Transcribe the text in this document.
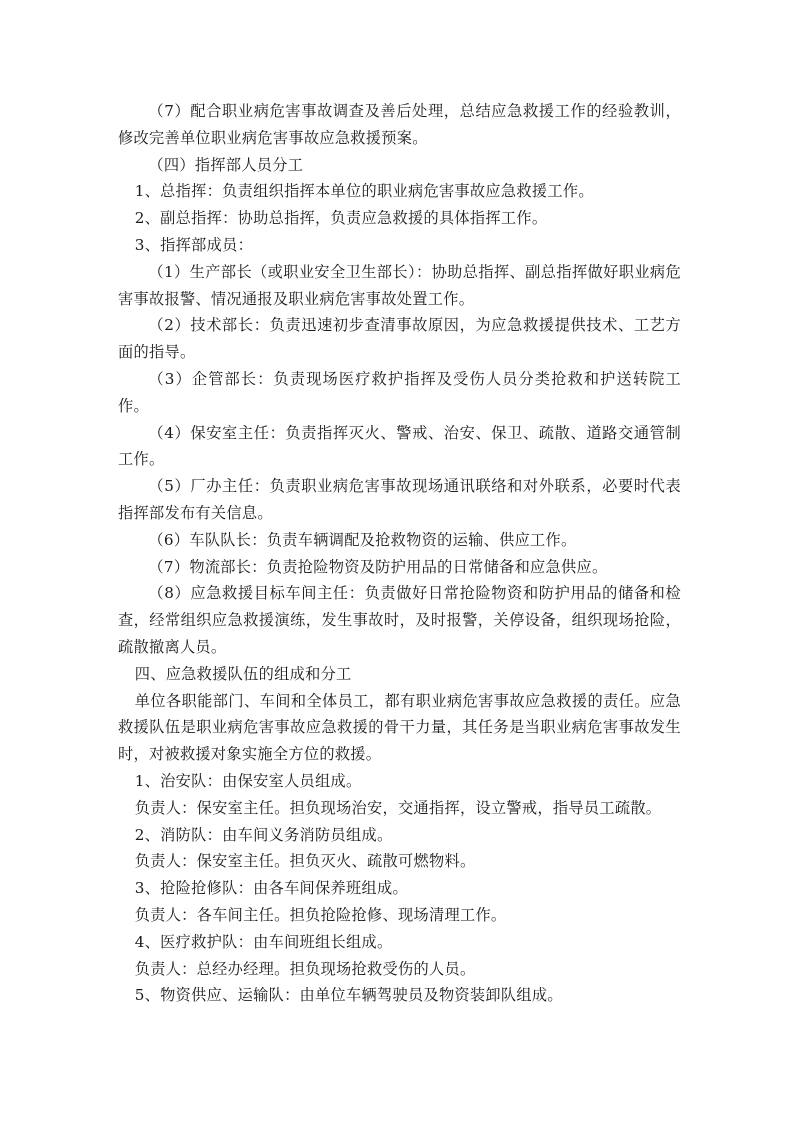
（7）配合职业病危害事故调查及善后处理，总结应急救援工作的经验教训，修改完善单位职业病危害事故应急救援预案。

（四）指挥部人员分工

1、总指挥：负责组织指挥本单位的职业病危害事故应急救援工作。

2、副总指挥：协助总指挥，负责应急救援的具体指挥工作。

3、指挥部成员：

（1）生产部长（或职业安全卫生部长）：协助总指挥、副总指挥做好职业病危害事故报警、情况通报及职业病危害事故处置工作。

（2）技术部长：负责迅速初步查清事故原因，为应急救援提供技术、工艺方面的指导。

（3）企管部长：负责现场医疗救护指挥及受伤人员分类抢救和护送转院工作。

（4）保安室主任：负责指挥灭火、警戒、治安、保卫、疏散、道路交通管制工作。

（5）厂办主任：负责职业病危害事故现场通讯联络和对外联系，必要时代表指挥部发布有关信息。

（6）车队队长：负责车辆调配及抢救物资的运输、供应工作。

（7）物流部长：负责抢险物资及防护用品的日常储备和应急供应。

（8）应急救援目标车间主任：负责做好日常抢险物资和防护用品的储备和检查，经常组织应急救援演练，发生事故时，及时报警，关停设备，组织现场抢险，疏散撤离人员。

四、应急救援队伍的组成和分工

单位各职能部门、车间和全体员工，都有职业病危害事故应急救援的责任。应急救援队伍是职业病危害事故应急救援的骨干力量，其任务是当职业病危害事故发生时，对被救援对象实施全方位的救援。

1、治安队：由保安室人员组成。

负责人：保安室主任。担负现场治安，交通指挥，设立警戒，指导员工疏散。

2、消防队：由车间义务消防员组成。

负责人：保安室主任。担负灭火、疏散可燃物料。

3、抢险抢修队：由各车间保养班组成。

负责人：各车间主任。担负抢险抢修、现场清理工作。

4、医疗救护队：由车间班组长组成。

负责人：总经办经理。担负现场抢救受伤的人员。

5、物资供应、运输队：由单位车辆驾驶员及物资装卸队组成。
